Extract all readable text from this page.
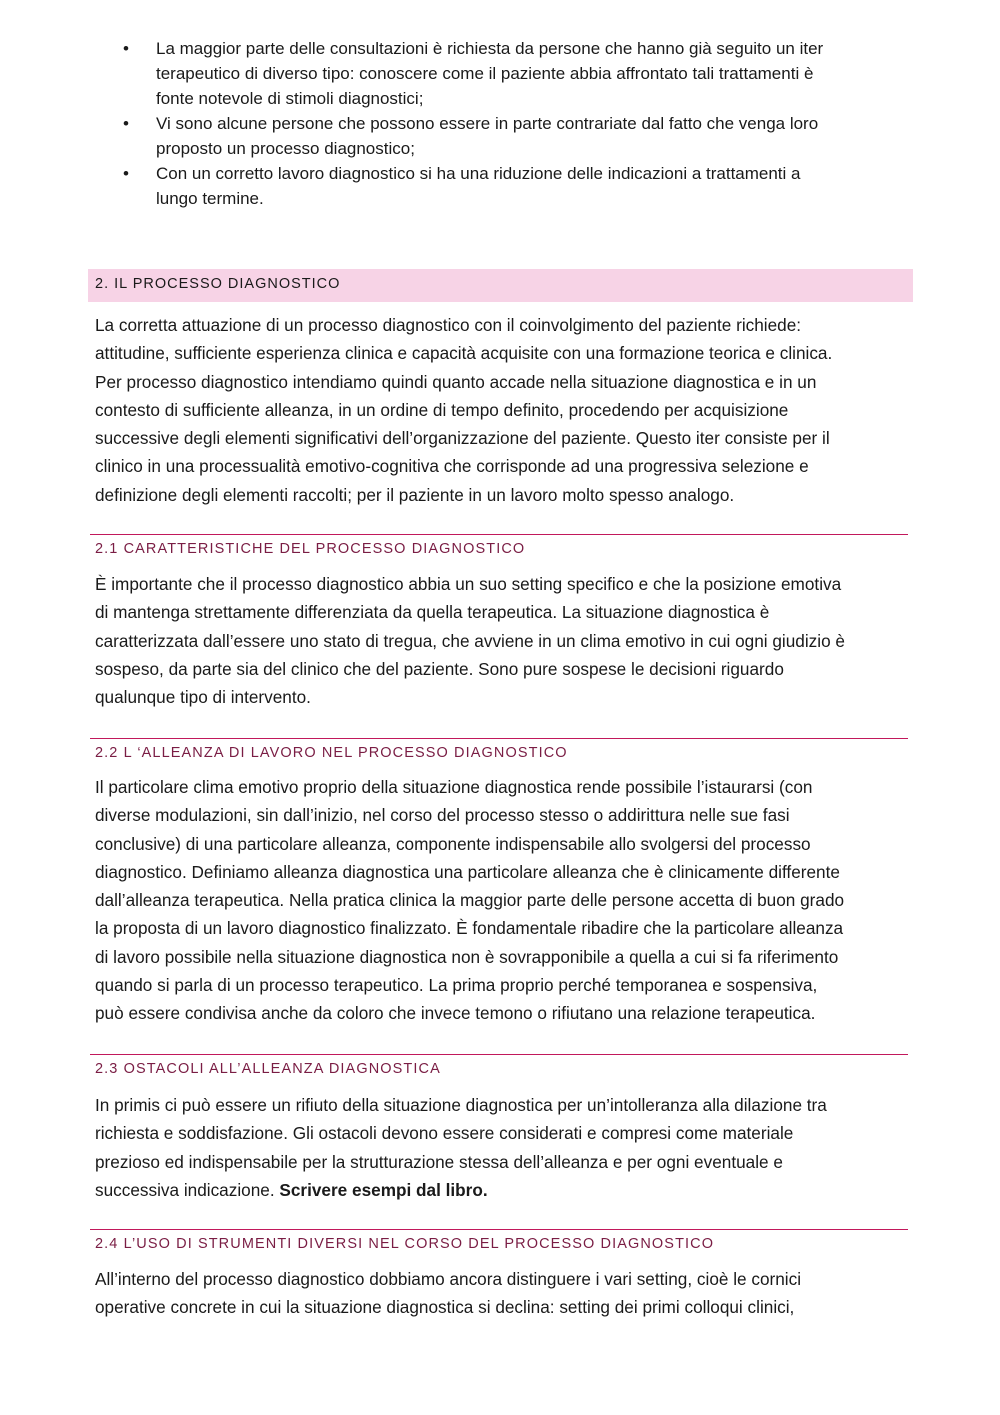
• La maggior parte delle consultazioni è richiesta da persone che hanno già seguito un iter
terapeutico di diverso tipo: conoscere come il paziente abbia affrontato tali trattamenti è
fonte notevole di stimoli diagnostici;
• Vi sono alcune persone che possono essere in parte contrariate dal fatto che venga loro
proposto un processo diagnostico;
• Con un corretto lavoro diagnostico si ha una riduzione delle indicazioni a trattamenti a
lungo termine.
2. IL PROCESSO DIAGNOSTICO

La corretta attuazione di un processo diagnostico con il coinvolgimento del paziente richiede:
attitudine, sufficiente esperienza clinica e capacità acquisite con una formazione teorica e clinica.
Per processo diagnostico intendiamo quindi quanto accade nella situazione diagnostica e in un
contesto di sufficiente alleanza, in un ordine di tempo definito, procedendo per acquisizione
successive degli elementi significativi dell’organizzazione del paziente. Questo iter consiste per il
clinico in una processualità emotivo-cognitiva che corrisponde ad una progressiva selezione e
definizione degli elementi raccolti; per il paziente in un lavoro molto spesso analogo.

2.1 CARATTERISTICHE DEL PROCESSO DIAGNOSTICO

È importante che il processo diagnostico abbia un suo setting specifico e che la posizione emotiva
di mantenga strettamente differenziata da quella terapeutica. La situazione diagnostica è
caratterizzata dall’essere uno stato di tregua, che avviene in un clima emotivo in cui ogni giudizio è
sospeso, da parte sia del clinico che del paziente. Sono pure sospese le decisioni riguardo
qualunque tipo di intervento.

2.2 L ‘ALLEANZA DI LAVORO NEL PROCESSO DIAGNOSTICO

Il particolare clima emotivo proprio della situazione diagnostica rende possibile l’istaurarsi (con
diverse modulazioni, sin dall’inizio, nel corso del processo stesso o addirittura nelle sue fasi
conclusive) di una particolare alleanza, componente indispensabile allo svolgersi del processo
diagnostico. Definiamo alleanza diagnostica una particolare alleanza che è clinicamente differente
dall’alleanza terapeutica. Nella pratica clinica la maggior parte delle persone accetta di buon grado
la proposta di un lavoro diagnostico finalizzato. È fondamentale ribadire che la particolare alleanza
di lavoro possibile nella situazione diagnostica non è sovrapponibile a quella a cui si fa riferimento
quando si parla di un processo terapeutico. La prima proprio perché temporanea e sospensiva,
può essere condivisa anche da coloro che invece temono o rifiutano una relazione terapeutica.

2.3 OSTACOLI ALL’ALLEANZA DIAGNOSTICA

In primis ci può essere un rifiuto della situazione diagnostica per un’intolleranza alla dilazione tra
richiesta e soddisfazione. Gli ostacoli devono essere considerati e compresi come materiale
prezioso ed indispensabile per la strutturazione stessa dell’alleanza e per ogni eventuale e
successiva indicazione. Scrivere esempi dal libro.

2.4 L’USO DI STRUMENTI DIVERSI NEL CORSO DEL PROCESSO DIAGNOSTICO

All’interno del processo diagnostico dobbiamo ancora distinguere i vari setting, cioè le cornici
operative concrete in cui la situazione diagnostica si declina: setting dei primi colloqui clinici,
